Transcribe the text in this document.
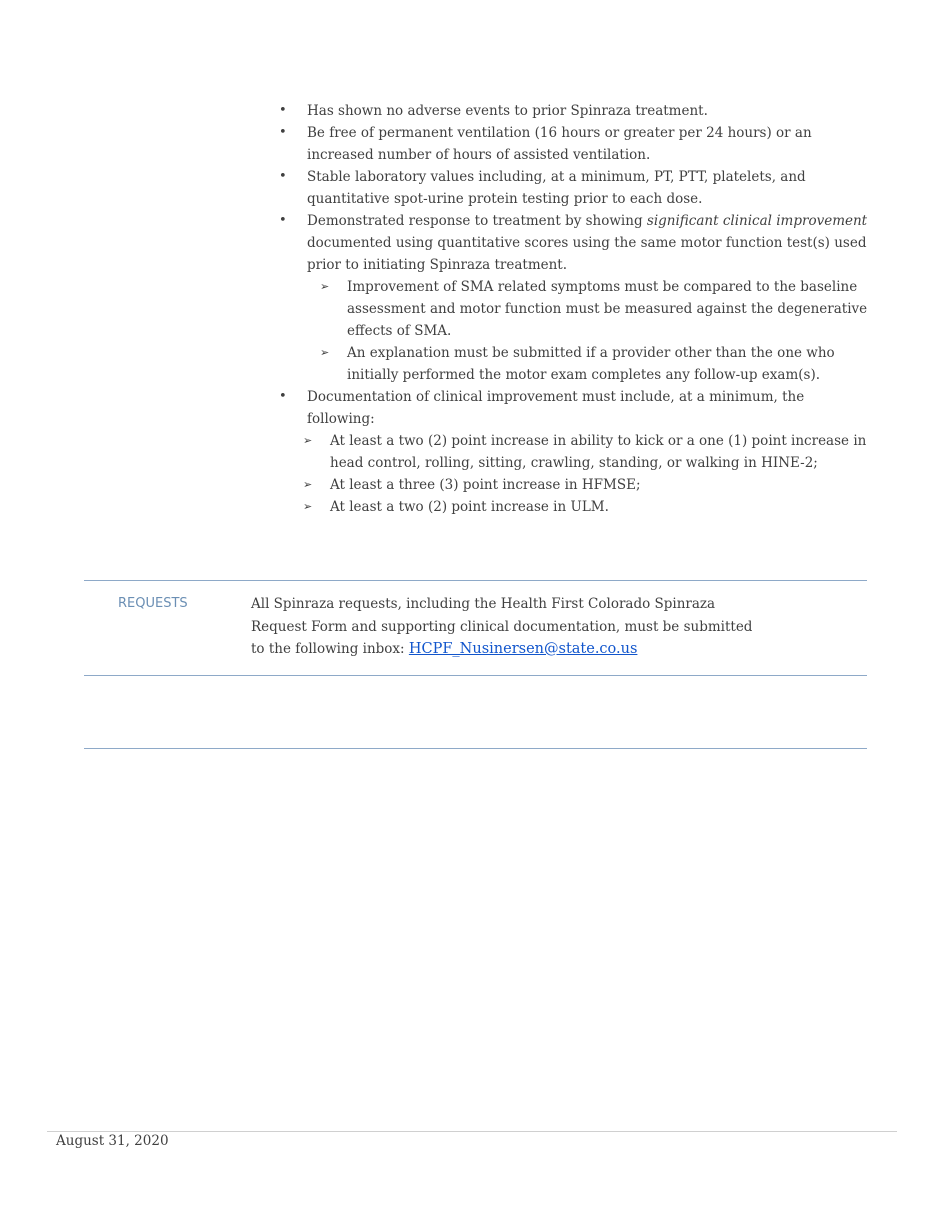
• Has shown no adverse events to prior Spinraza treatment.
• Be free of permanent ventilation (16 hours or greater per 24 hours) or an increased number of hours of assisted ventilation.
• Stable laboratory values including, at a minimum, PT, PTT, platelets, and quantitative spot-urine protein testing prior to each dose.
• Demonstrated response to treatment by showing significant clinical improvement documented using quantitative scores using the same motor function test(s) used prior to initiating Spinraza treatment.
➢ Improvement of SMA related symptoms must be compared to the baseline assessment and motor function must be measured against the degenerative effects of SMA.
➢ An explanation must be submitted if a provider other than the one who initially performed the motor exam completes any follow-up exam(s).
• Documentation of clinical improvement must include, at a minimum, the following:
➢ At least a two (2) point increase in ability to kick or a one (1) point increase in head control, rolling, sitting, crawling, standing, or walking in HINE-2;
➢ At least a three (3) point increase in HFMSE;
➢ At least a two (2) point increase in ULM.
REQUESTS	All Spinraza requests, including the Health First Colorado Spinraza Request Form and supporting clinical documentation, must be submitted to the following inbox: HCPF_Nusinersen@state.co.us
August 31, 2020
